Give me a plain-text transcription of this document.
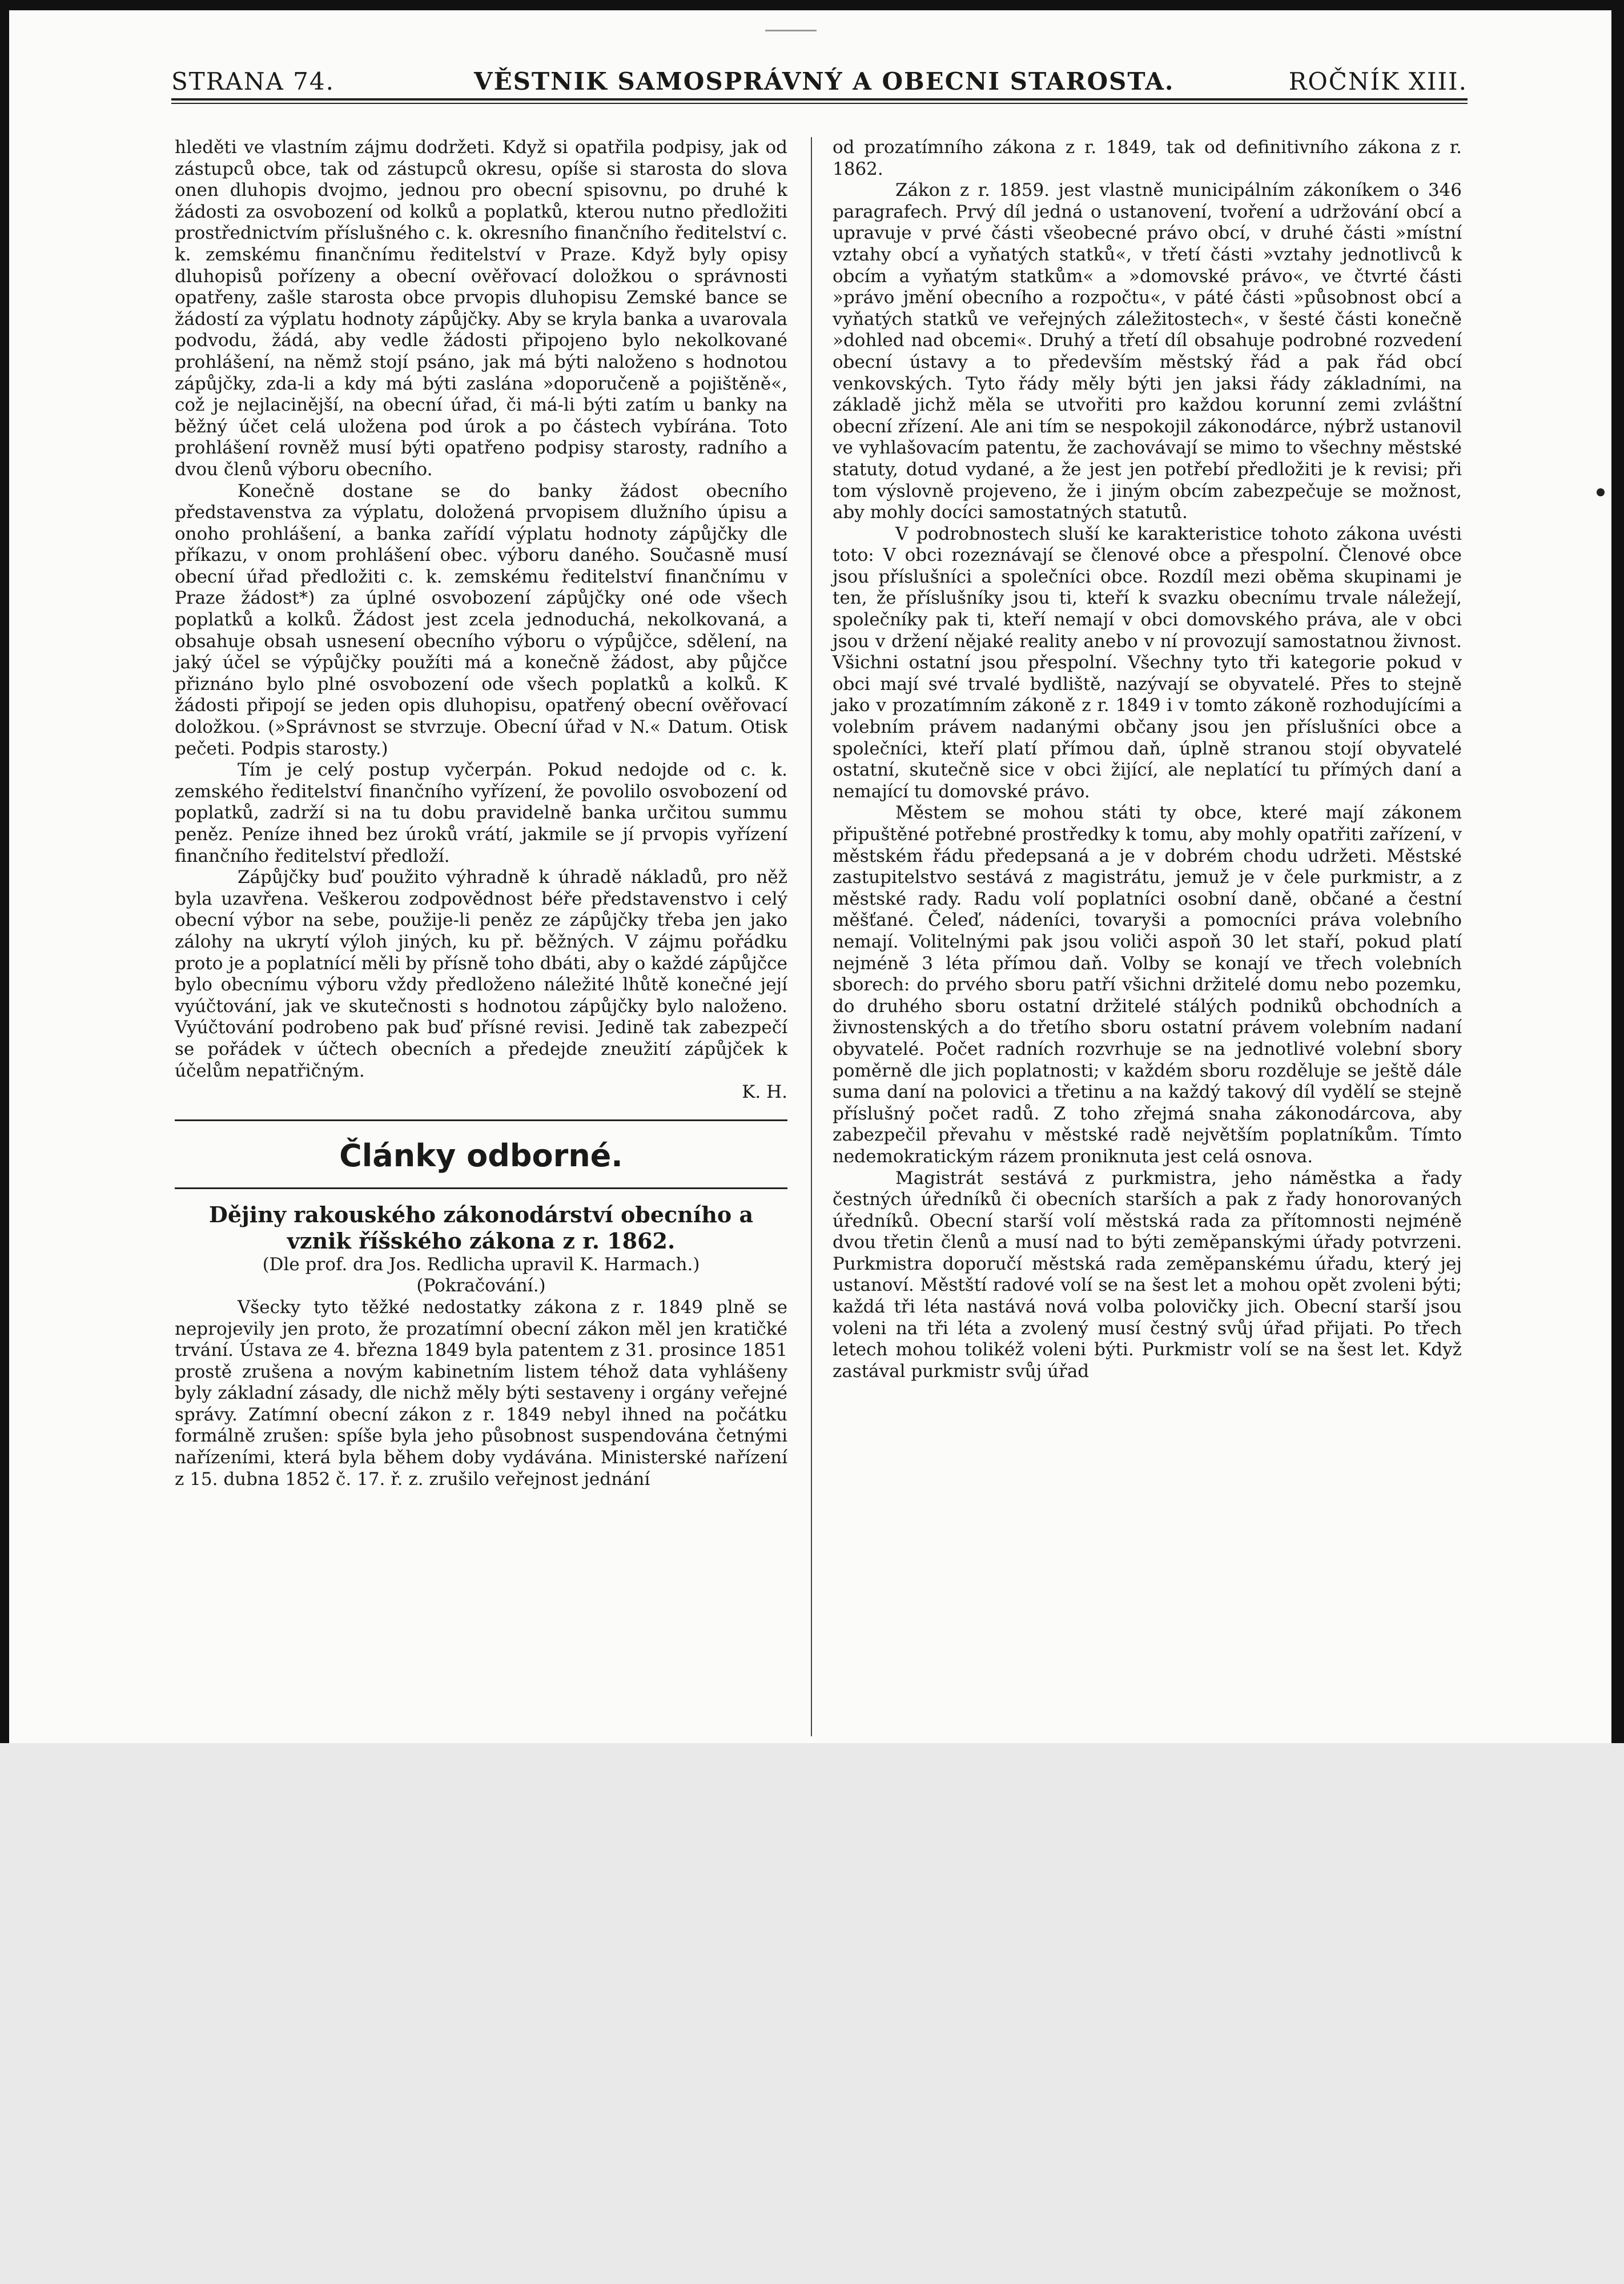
STRANA 74.	VĚSTNIK SAMOSPRÁVNÝ A OBECNI STAROSTA.	ROČNÍK XIII.

hleděti ve vlastním zájmu dodržeti. Když si opatřila podpisy, jak od zástupců obce, tak od zástupců okresu, opíše si starosta do slova onen dluhopis dvojmo, jednou pro obecní spisovnu, po druhé k žádosti za osvobození od kolků a poplatků, kterou nutno předložiti prostřednictvím příslušného c. k. okresního finančního ředitelství c. k. zemskému finančnímu ředitelství v Praze. Když byly opisy dluhopisů pořízeny a obecní ověřovací doložkou o správnosti opatřeny, zašle starosta obce prvopis dluhopisu Zemské bance se žádostí za výplatu hodnoty zápůjčky. Aby se kryla banka a uvarovala podvodu, žádá, aby vedle žádosti připojeno bylo nekolkované prohlášení, na němž stojí psáno, jak má býti naloženo s hodnotou zápůjčky, zda-li a kdy má býti zaslána »doporučeně a pojištěně«, což je nejlacinější, na obecní úřad, či má-li býti zatím u banky na běžný účet celá uložena pod úrok a po částech vybírána. Toto prohlášení rovněž musí býti opatřeno podpisy starosty, radního a dvou členů výboru obecního.

Konečně dostane se do banky žádost obecního představenstva za výplatu, doložená prvopisem dlužního úpisu a onoho prohlášení, a banka zařídí výplatu hodnoty zápůjčky dle příkazu, v onom prohlášení obec. výboru daného. Současně musí obecní úřad předložiti c. k. zemskému ředitelství finančnímu v Praze žádost*) za úplné osvobození zápůjčky oné ode všech poplatků a kolků. Žádost jest zcela jednoduchá, nekolkovaná, a obsahuje obsah usnesení obecního výboru o výpůjčce, sdělení, na jaký účel se výpůjčky použíti má a konečně žádost, aby půjčce přiznáno bylo plné osvobození ode všech poplatků a kolků. K žádosti připojí se jeden opis dluhopisu, opatřený obecní ověřovací doložkou. (»Správnost se stvrzuje. Obecní úřad v N.« Datum. Otisk pečeti. Podpis starosty.)

Tím je celý postup vyčerpán. Pokud nedojde od c. k. zemského ředitelství finančního vyřízení, že povolilo osvobození od poplatků, zadrží si na tu dobu pravidelně banka určitou summu peněz. Peníze ihned bez úroků vrátí, jakmile se jí prvopis vyřízení finančního ředitelství předloží.

Zápůjčky buď použito výhradně k úhradě nákladů, pro něž byla uzavřena. Veškerou zodpovědnost béře představenstvo i celý obecní výbor na sebe, použije-li peněz ze zápůjčky třeba jen jako zálohy na ukrytí výloh jiných, ku př. běžných. V zájmu pořádku proto je a poplatnící měli by přísně toho dbáti, aby o každé zápůjčce bylo obecnímu výboru vždy předloženo náležité lhůtě konečné její vyúčtování, jak ve skutečnosti s hodnotou zápůjčky bylo naloženo. Vyúčtování podrobeno pak buď přísné revisi. Jedině tak zabezpečí se pořádek v účtech obecních a předejde zneužití zápůjček k účelům nepatřičným.

K. H.

Články odborné.

Dějiny rakouského zákonodárství obecního a vznik říšského zákona z r. 1862.

(Dle prof. dra Jos. Redlicha upravil K. Harmach.)

(Pokračování.)

Všecky tyto těžké nedostatky zákona z r. 1849 plně se neprojevily jen proto, že prozatímní obecní zákon měl jen kratičké trvání. Ústava ze 4. března 1849 byla patentem z 31. prosince 1851 prostě zrušena a novým kabinetním listem téhož data vyhlášeny byly základní zásady, dle nichž měly býti sestaveny i orgány veřejné správy. Zatímní obecní zákon z r. 1849 nebyl ihned na počátku formálně zrušen: spíše byla jeho působnost suspendována četnými nařízeními, která byla během doby vydávána. Ministerské nařízení z 15. dubna 1852 č. 17. ř. z. zrušilo veřejnost jednání

od prozatímního zákona z r. 1849, tak od definitivního zákona z r. 1862.

Zákon z r. 1859. jest vlastně municipálním zákoníkem o 346 paragrafech. Prvý díl jedná o ustanovení, tvoření a udržování obcí a upravuje v prvé části všeobecné právo obcí, v druhé části »místní vztahy obcí a vyňatých statků«, v třetí části »vztahy jednotlivců k obcím a vyňatým statkům« a »domovské právo«, ve čtvrté části »právo jmění obecního a rozpočtu«, v páté části »působnost obcí a vyňatých statků ve veřejných záležitostech«, v šesté části konečně »dohled nad obcemi«. Druhý a třetí díl obsahuje podrobné rozvedení obecní ústavy a to především městský řád a pak řád obcí venkovských. Tyto řády měly býti jen jaksi řády základními, na základě jichž měla se utvořiti pro každou korunní zemi zvláštní obecní zřízení. Ale ani tím se nespokojil zákonodárce, nýbrž ustanovil ve vyhlašovacím patentu, že zachovávají se mimo to všechny městské statuty, dotud vydané, a že jest jen potřebí předložiti je k revisi; při tom výslovně projeveno, že i jiným obcím zabezpečuje se možnost, aby mohly docíci samostatných statutů.

V podrobnostech sluší ke karakteristice tohoto zákona uvésti toto: V obci rozeznávají se členové obce a přespolní. Členové obce jsou příslušníci a společníci obce. Rozdíl mezi oběma skupinami je ten, že příslušníky jsou ti, kteří k svazku obecnímu trvale náležejí, společníky pak ti, kteří nemají v obci domovského práva, ale v obci jsou v držení nějaké reality anebo v ní provozují samostatnou živnost. Všichni ostatní jsou přespolní. Všechny tyto tři kategorie pokud v obci mají své trvalé bydliště, nazývají se obyvatelé. Přes to stejně jako v prozatímním zákoně z r. 1849 i v tomto zákoně rozhodujícími a volebním právem nadanými občany jsou jen příslušníci obce a společníci, kteří platí přímou daň, úplně stranou stojí obyvatelé ostatní, skutečně sice v obci žijící, ale neplatící tu přímých daní a nemající tu domovské právo.

Městem se mohou státi ty obce, které mají zákonem připuštěné potřebné prostředky k tomu, aby mohly opatřiti zařízení, v městském řádu předepsaná a je v dobrém chodu udržeti. Městské zastupitelstvo sestává z magistrátu, jemuž je v čele purkmistr, a z městské rady. Radu volí poplatníci osobní daně, občané a čestní měšťané. Čeleď, nádeníci, tovaryši a pomocníci práva volebního nemají. Volitelnými pak jsou voliči aspoň 30 let staří, pokud platí nejméně 3 léta přímou daň. Volby se konají ve třech volebních sborech: do prvého sboru patří všichni držitelé domu nebo pozemku, do druhého sboru ostatní držitelé stálých podniků obchodních a živnostenských a do třetího sboru ostatní právem volebním nadaní obyvatelé. Počet radních rozvrhuje se na jednotlivé volební sbory poměrně dle jich poplatnosti; v každém sboru rozděluje se ještě dále suma daní na polovici a třetinu a na každý takový díl vydělí se stejně příslušný počet radů. Z toho zřejmá snaha zákonodárcova, aby zabezpečil převahu v městské radě největším poplatníkům. Tímto nedemokratickým rázem proniknuta jest celá osnova.

Magistrát sestává z purkmistra, jeho náměstka a řady čestných úředníků či obecních starších a pak z řady honorovaných úředníků. Obecní starší volí městská rada za přítomnosti nejméně dvou třetin členů a musí nad to býti zeměpanskými úřady potvrzeni. Purkmistra doporučí městská rada zeměpanskému úřadu, který jej ustanoví. Městští radové volí se na šest let a mohou opět zvoleni býti; každá tři léta nastává nová volba polovičky jich. Obecní starší jsou voleni na tři léta a zvolený musí čestný svůj úřad přijati. Po třech letech mohou tolikéž voleni býti. Purkmistr volí se na šest let. Když zastával purkmistr svůj úřad
